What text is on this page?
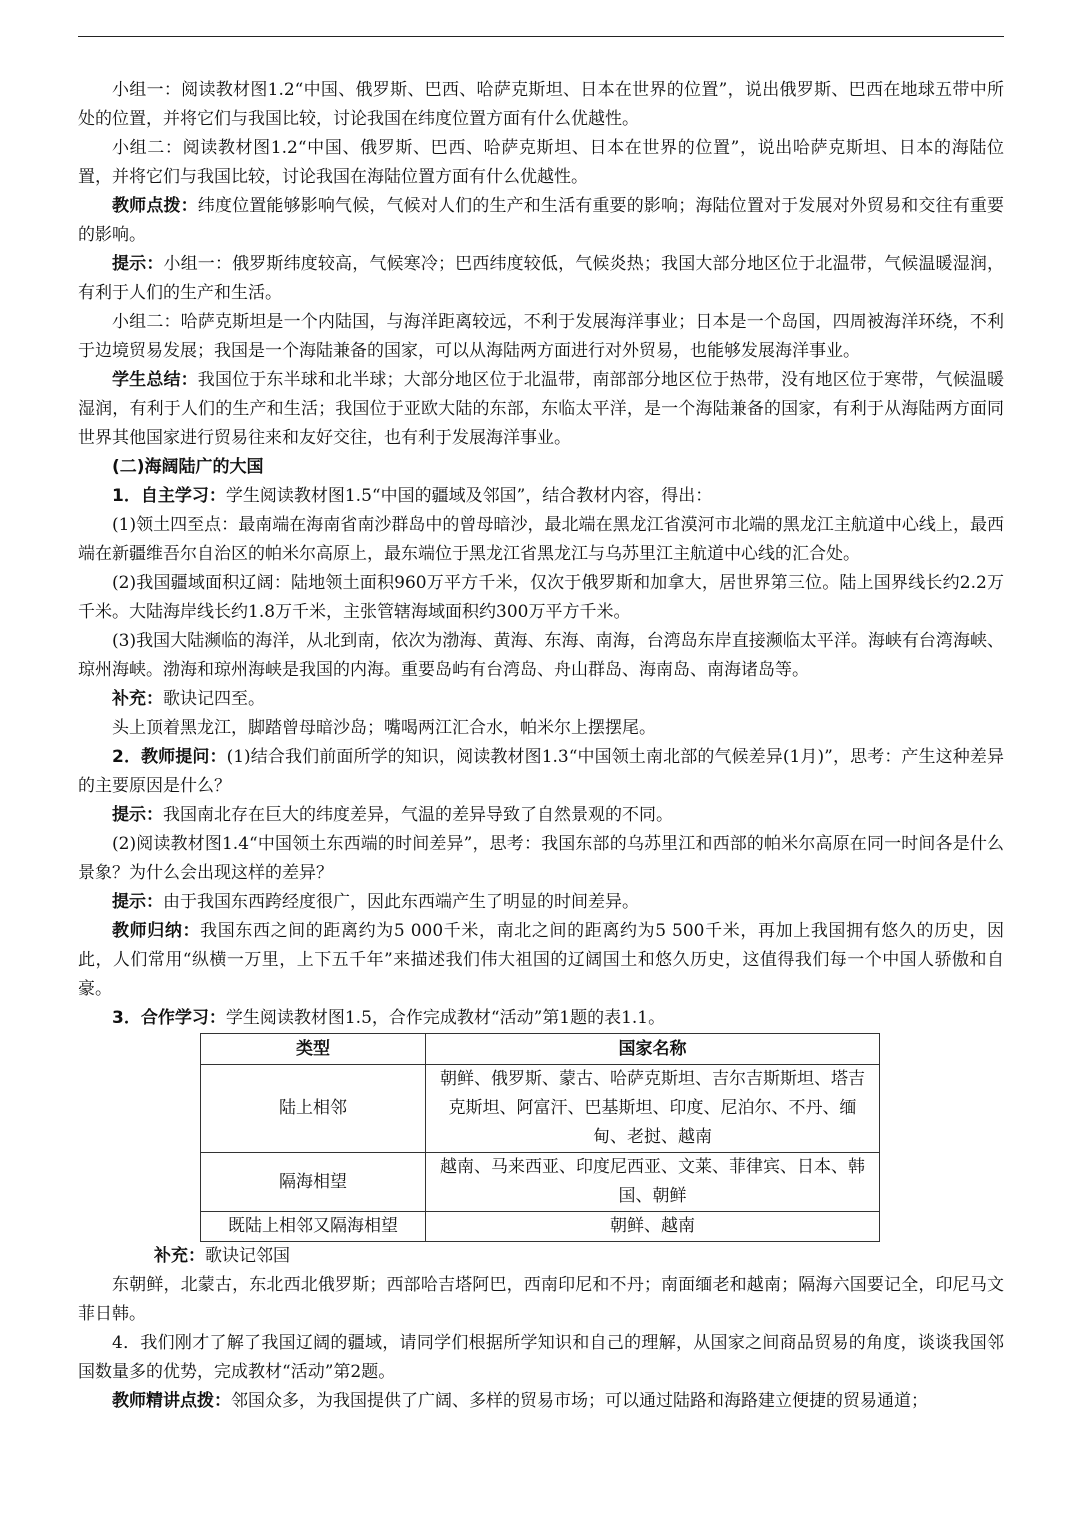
小组一：阅读教材图1.2“中国、俄罗斯、巴西、哈萨克斯坦、日本在世界的位置”，说出俄罗斯、巴西在地球五带中所处的位置，并将它们与我国比较，讨论我国在纬度位置方面有什么优越性。

小组二：阅读教材图1.2“中国、俄罗斯、巴西、哈萨克斯坦、日本在世界的位置”，说出哈萨克斯坦、日本的海陆位置，并将它们与我国比较，讨论我国在海陆位置方面有什么优越性。

教师点拨：纬度位置能够影响气候，气候对人们的生产和生活有重要的影响；海陆位置对于发展对外贸易和交往有重要的影响。

提示：小组一：俄罗斯纬度较高，气候寒冷；巴西纬度较低，气候炎热；我国大部分地区位于北温带，气候温暖湿润，有利于人们的生产和生活。

小组二：哈萨克斯坦是一个内陆国，与海洋距离较远，不利于发展海洋事业；日本是一个岛国，四周被海洋环绕，不利于边境贸易发展；我国是一个海陆兼备的国家，可以从海陆两方面进行对外贸易，也能够发展海洋事业。

学生总结：我国位于东半球和北半球；大部分地区位于北温带，南部部分地区位于热带，没有地区位于寒带，气候温暖湿润，有利于人们的生产和生活；我国位于亚欧大陆的东部，东临太平洋，是一个海陆兼备的国家，有利于从海陆两方面同世界其他国家进行贸易往来和友好交往，也有利于发展海洋事业。

(二)海阔陆广的大国

1．自主学习：学生阅读教材图1.5“中国的疆域及邻国”，结合教材内容，得出：

(1)领土四至点：最南端在海南省南沙群岛中的曾母暗沙，最北端在黑龙江省漠河市北端的黑龙江主航道中心线上，最西端在新疆维吾尔自治区的帕米尔高原上，最东端位于黑龙江省黑龙江与乌苏里江主航道中心线的汇合处。

(2)我国疆域面积辽阔：陆地领土面积960万平方千米，仅次于俄罗斯和加拿大，居世界第三位。陆上国界线长约2.2万千米。大陆海岸线长约1.8万千米，主张管辖海域面积约300万平方千米。

(3)我国大陆濒临的海洋，从北到南，依次为渤海、黄海、东海、南海，台湾岛东岸直接濒临太平洋。海峡有台湾海峡、琼州海峡。渤海和琼州海峡是我国的内海。重要岛屿有台湾岛、舟山群岛、海南岛、南海诸岛等。

补充：歌诀记四至。

头上顶着黑龙江，脚踏曾母暗沙岛；嘴喝两江汇合水，帕米尔上摆摆尾。

2．教师提问：(1)结合我们前面所学的知识，阅读教材图1.3“中国领土南北部的气候差异(1月)”，思考：产生这种差异的主要原因是什么？

提示：我国南北存在巨大的纬度差异，气温的差异导致了自然景观的不同。

(2)阅读教材图1.4“中国领土东西端的时间差异”，思考：我国东部的乌苏里江和西部的帕米尔高原在同一时间各是什么景象？为什么会出现这样的差异？

提示：由于我国东西跨经度很广，因此东西端产生了明显的时间差异。

教师归纳：我国东西之间的距离约为5 000千米，南北之间的距离约为5 500千米，再加上我国拥有悠久的历史，因此，人们常用“纵横一万里，上下五千年”来描述我们伟大祖国的辽阔国土和悠久历史，这值得我们每一个中国人骄傲和自豪。

3．合作学习：学生阅读教材图1.5，合作完成教材“活动”第1题的表1.1。

类型	国家名称
陆上相邻	朝鲜、俄罗斯、蒙古、哈萨克斯坦、吉尔吉斯斯坦、塔吉克斯坦、阿富汗、巴基斯坦、印度、尼泊尔、不丹、缅甸、老挝、越南
隔海相望	越南、马来西亚、印度尼西亚、文莱、菲律宾、日本、韩国、朝鲜
既陆上相邻又隔海相望	朝鲜、越南

补充：歌诀记邻国

东朝鲜，北蒙古，东北西北俄罗斯；西部哈吉塔阿巴，西南印尼和不丹；南面缅老和越南；隔海六国要记全，印尼马文菲日韩。

4．我们刚才了解了我国辽阔的疆域，请同学们根据所学知识和自己的理解，从国家之间商品贸易的角度，谈谈我国邻国数量多的优势，完成教材“活动”第2题。

教师精讲点拨：邻国众多，为我国提供了广阔、多样的贸易市场；可以通过陆路和海路建立便捷的贸易通道；
